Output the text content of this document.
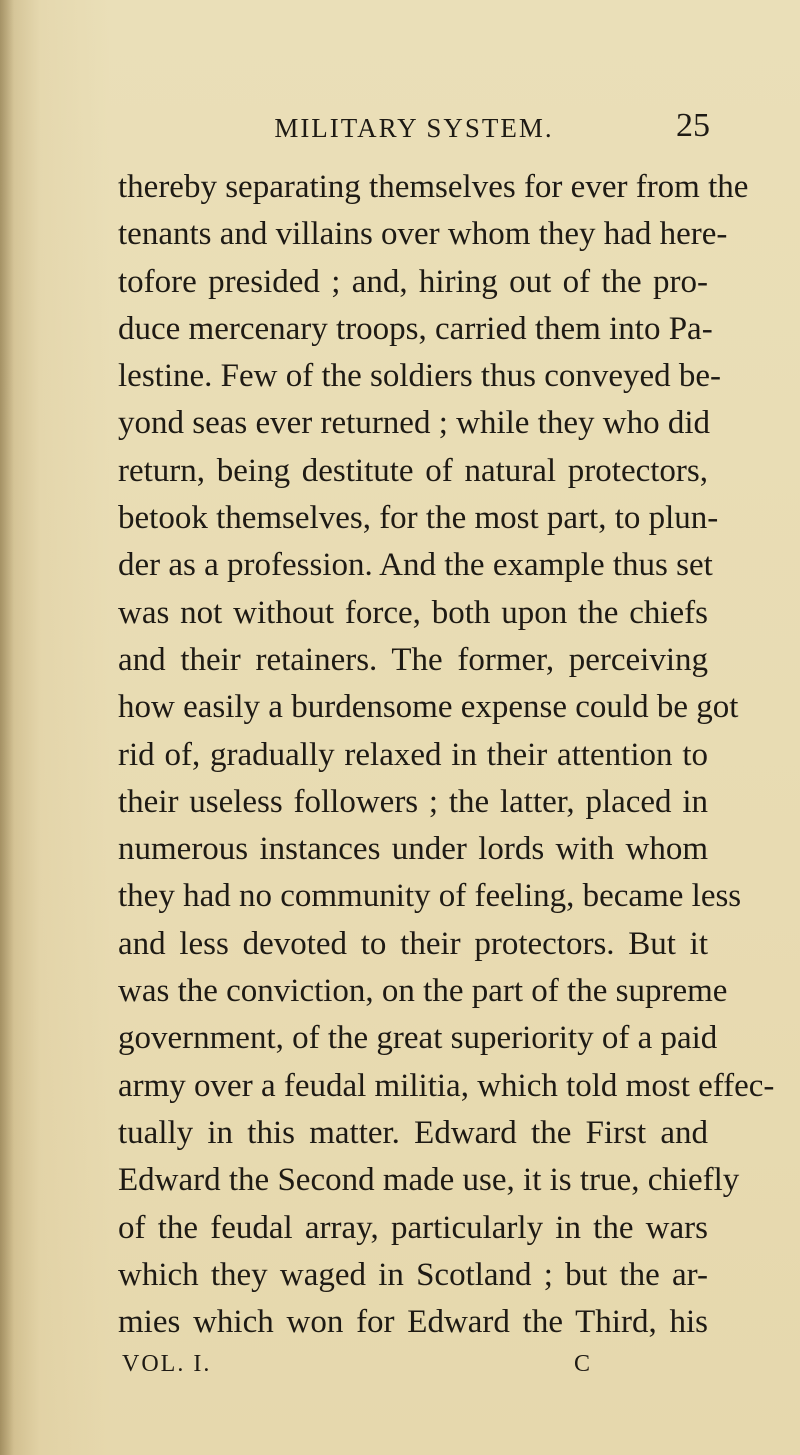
MILITARY SYSTEM.	25
thereby separating themselves for ever from the
tenants and villains over whom they had here-
tofore presided ; and, hiring out of the pro-
duce mercenary troops, carried them into Pa-
lestine. Few of the soldiers thus conveyed be-
yond seas ever returned ; while they who did
return, being destitute of natural protectors,
betook themselves, for the most part, to plun-
der as a profession. And the example thus set
was not without force, both upon the chiefs
and their retainers. The former, perceiving
how easily a burdensome expense could be got
rid of, gradually relaxed in their attention to
their useless followers ; the latter, placed in
numerous instances under lords with whom
they had no community of feeling, became less
and less devoted to their protectors. But it
was the conviction, on the part of the supreme
government, of the great superiority of a paid
army over a feudal militia, which told most effec-
tually in this matter. Edward the First and
Edward the Second made use, it is true, chiefly
of the feudal array, particularly in the wars
which they waged in Scotland ; but the ar-
mies which won for Edward the Third, his
VOL. I.	C
